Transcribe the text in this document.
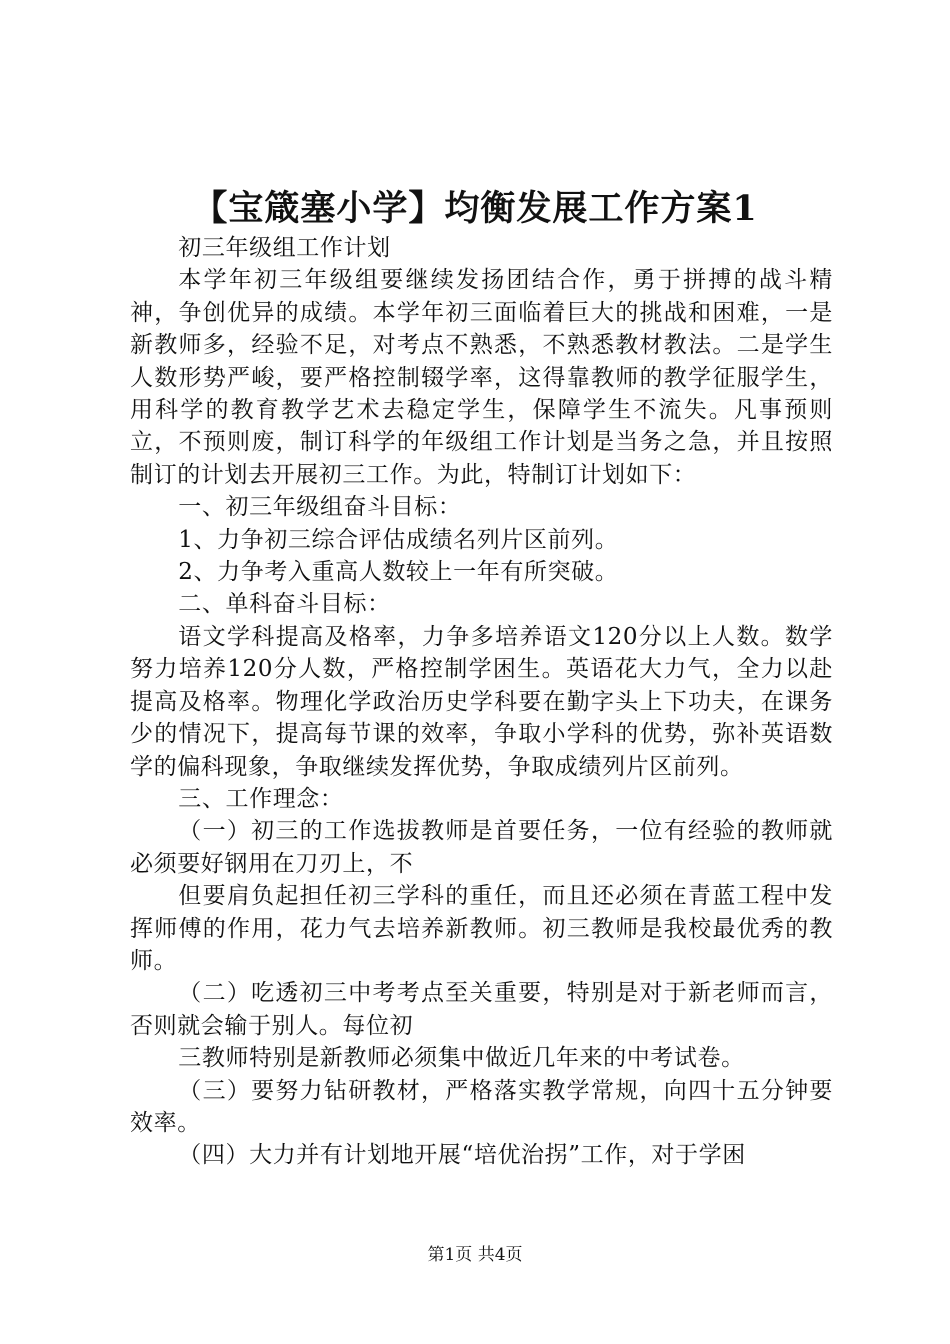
【宝箴塞小学】均衡发展工作方案1

初三年级组工作计划

本学年初三年级组要继续发扬团结合作，勇于拼搏的战斗精神，争创优异的成绩。本学年初三面临着巨大的挑战和困难，一是新教师多，经验不足，对考点不熟悉，不熟悉教材教法。二是学生人数形势严峻，要严格控制辍学率，这得靠教师的教学征服学生，用科学的教育教学艺术去稳定学生，保障学生不流失。凡事预则立，不预则废，制订科学的年级组工作计划是当务之急，并且按照制订的计划去开展初三工作。为此，特制订计划如下：

一、初三年级组奋斗目标：

1、力争初三综合评估成绩名列片区前列。

2、力争考入重高人数较上一年有所突破。

二、单科奋斗目标：

语文学科提高及格率，力争多培养语文120分以上人数。数学努力培养120分人数，严格控制学困生。英语花大力气，全力以赴提高及格率。物理化学政治历史学科要在勤字头上下功夫，在课务少的情况下，提高每节课的效率，争取小学科的优势，弥补英语数学的偏科现象，争取继续发挥优势，争取成绩列片区前列。

三、工作理念：

（一）初三的工作选拔教师是首要任务，一位有经验的教师就必须要好钢用在刀刃上，不

但要肩负起担任初三学科的重任，而且还必须在青蓝工程中发挥师傅的作用，花力气去培养新教师。初三教师是我校最优秀的教师。

（二）吃透初三中考考点至关重要，特别是对于新老师而言，否则就会输于别人。每位初

三教师特别是新教师必须集中做近几年来的中考试卷。

（三）要努力钻研教材，严格落实教学常规，向四十五分钟要效率。

（四）大力并有计划地开展“培优治拐”工作，对于学困

第1页 共4页
